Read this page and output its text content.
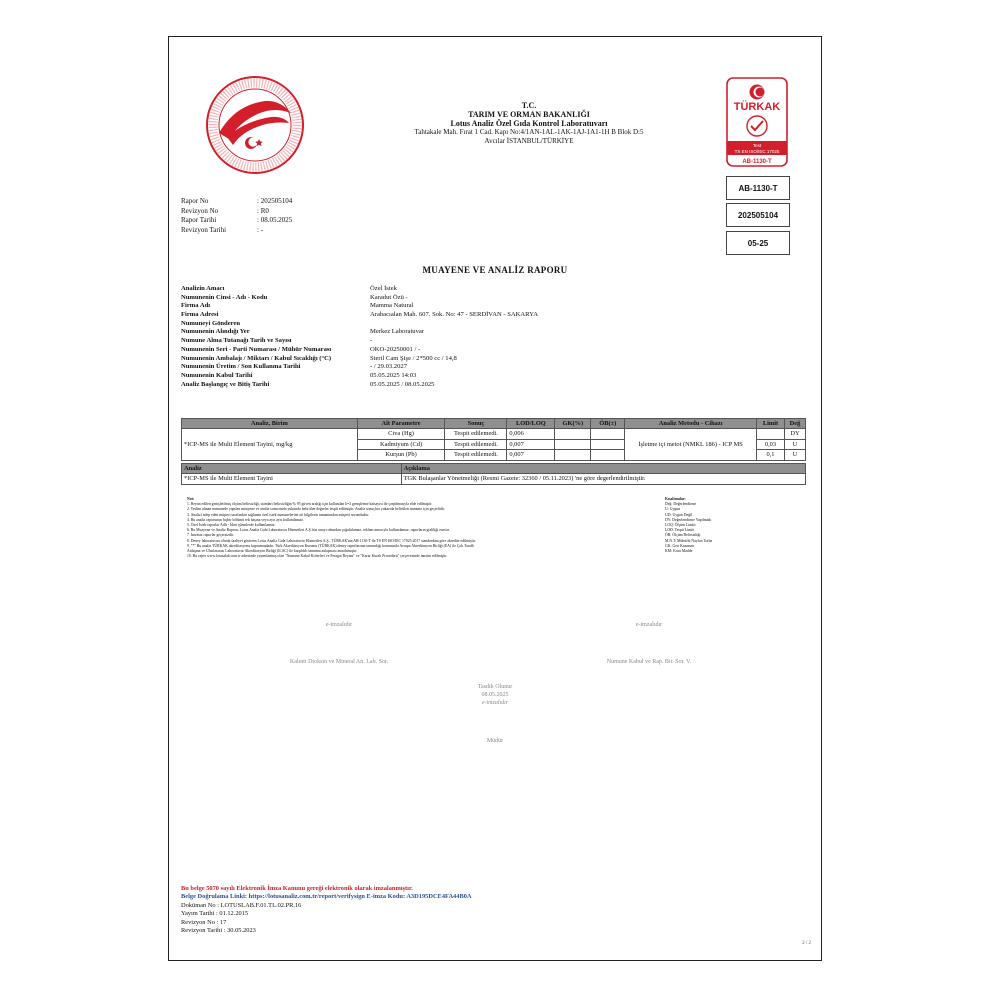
T.C.
TARIM VE ORMAN BAKANLIĞI
Lotus Analiz Özel Gıda Kontrol Laboratuvarı
Tahtakale Mah. Fırat 1 Cad. Kapı No:4/1AN-1AL-1AK-1AJ-1A1-1H B Blok D:5
Avcılar İSTANBUL/TÜRKİYE
TÜRKAK
Test
TS EN ISO/IEC 17025
AB-1130-T
AB-1130-T
202505104
05-25
Rapor No	: 202505104
Revizyon No	: R0
Rapor Tarihi	: 08.05.2025
Revizyon Tarihi	: -
MUAYENE VE ANALİZ RAPORU
Analizin Amacı	Özel İstek
Numunenin Cinsi - Adı - Kodu	Karadut Özü -
Firma Adı	Mamma Natural
Firma Adresi	Arabacıalan Mah. 607. Sok. No: 47 - SERDİVAN - SAKARYA
Numuneyi Gönderen
Numunenin Alındığı Yer	Merkez Laboratuvar
Numune Alma Tutanağı Tarih ve Sayısı	-
Numunenin Seri - Parti Numarası / Mühür Numarası	OKO-20250001 / -
Numunenin Ambalajı / Miktarı / Kabul Sıcaklığı (°C)	Steril Cam Şişe / 2*500 cc / 14,8
Numunenin Üretim / Son Kullanma Tarihi	- / 29.03.2027
Numunenin Kabul Tarihi	05.05.2025 14:03
Analiz Başlangıç ve Bitiş Tarihi	05.05.2025 / 08.05.2025
Analiz, Birim	Alt Parametre	Sonuç	LOD/LOQ	GK(%)	ÖB(±)	Analiz Metodu - Cihazı	Limit	Değ
*ICP-MS ile Multi Element Tayini, mg/kg	Civa (Hg)	Tespit edilemedi.	0,006			İşletme içi metot (NMKL 186) - ICP MS		DY
	Kadmiyum (Cd)	Tespit edilemedi.	0,007				0,03	U
	Kurşun (Pb)	Tespit edilemedi.	0,007				0,1	U
Analiz	Açıklama
*ICP-MS ile Multi Element Tayini	TGK Bulaşanlar Yönetmeliği (Resmi Gazete: 32360 / 05.11.2023) 'ne göre degerlendirilmiştir.
Not:
1. Beyan edilen genişletilmiş ölçüm belirsizliği, standart belirsizliğin % 95 güven aralığı için kullanılan k=2 genişletme katsayısı ile çarpılmasıyla elde edilmiştir.
2. Teslim alınan numunede yapılan muayene ve analiz sonucunda yukarıda belirtilen değerler tespit edilmiştir. Analiz sonuçları yukarıda belirtilen numune için geçerlidir.
3. Analizi talep eden müşteri tarafından sağlanan özel istek numunelerine ait bilgilerin tamamından müşteri sorumludur.
4. Bu analiz raporunun hiçbir bölümü tek başına veya ayrı ayrı kullanılamaz.
5. Özel İstek raporlar Adli - İdari işlemlerde kullanılamaz.
6. Bu Muayene ve Analiz Raporu, Lotus Analiz Gıda Laboratuvar Hizmetleri A.Ş.'nin onayı olmadan çoğaltılamaz, reklam amacıyla kullanılamaz, raporların gizliliği esastır.
7. İmzasız raporlar geçersizdir.
8. Deney laboratuvarı olarak faaliyet gösteren Lotus Analiz Gıda Laboratuvar Hizmetleri A.Ş., TÜRKAK'tan AB-1130-T ile TS EN ISO/IEC 17025:2017 standardına göre akredite edilmiştir.
9. "*" Bu analiz TÜRKAK akreditasyonu kapsamındadır. Türk Akreditasyon Kurumu (TÜRKAK) deney raporlarının tanınırlığı konusunda Avrupa Akreditasyon Birliği (EA) ile Çok Taraflı
Anlaşma ve Uluslararası Laboratuvar Akreditasyon Birliği (ILAC) ile karşılıklı tanınma anlaşması imzalamıştır.
10. Bu rapor www.lotusalab.com.tr adresinde yayımlanmış olan "Numune Kabul Kriterleri ve Feragat Beyanı" ve "Karar Kuralı Prosedürü" çerçevesinde tanzim edilmiştir.
Kısaltmalar:
Değ: Değerlendirme
U: Uygun
UD: Uygun Değil
DY: Değerlendirme Yapılmadı
LOQ: Ölçüm Limiti
LOD: Tespit Limiti
ÖB: Ölçüm Belirsizliği
M.N.T: Mühürlü Naylon Torba
GK: Geri Kazanım
KM: Kuru Madde
e-imzalıdır	e-imzalıdır
Kalıntı Dioksin ve Mineral An. Lab. Sor.	Numune Kabul ve Rap. Bir. Sor. V.
Tasdik Olunur
08.05.2025
e-imzalıdır
Müdür
Bu belge 5070 sayılı Elektronik İmza Kanunu gereği elektronik olarak imzalanmıştır.
Belge Doğrulama Linki: https://lotusanaliz.com.tr/report/verifysign E-imza Kodu: A3D195DCE4FA44B0A
Doküman No : LOTUSLAB.F.01.TL.02.PR.16
Yayım Tarihi : 01.12.2015
Revizyon No : 17
Revizyon Tarihi : 30.05.2023
2 / 2
